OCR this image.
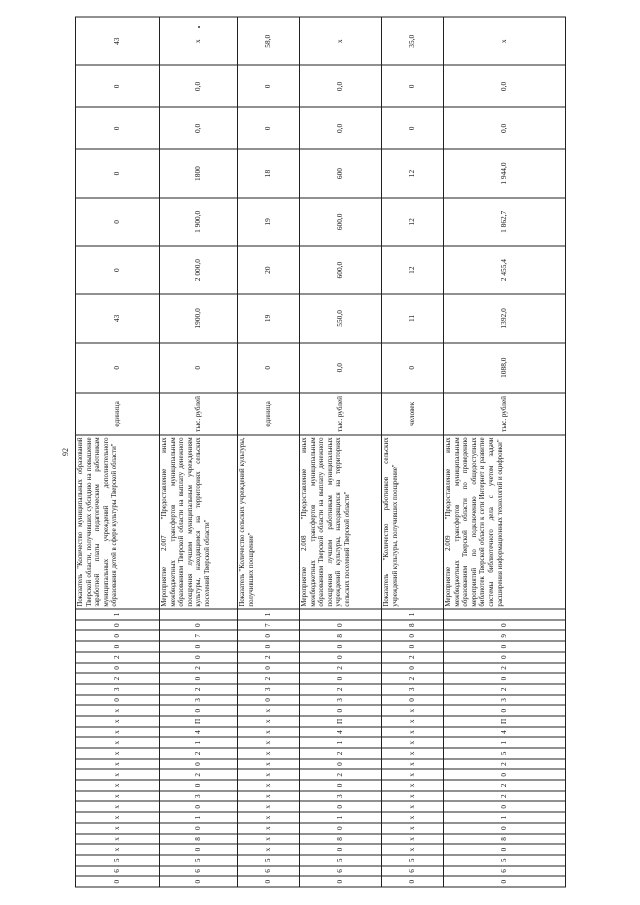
92
0	6	5	x	x	x	x	x	x	x	x	x	x	x	x	x	x	0	3	2	0	2	0	0	0	1	Показатель "Количество муниципальных образований Тверской области, получивших субсидию на повышение заработной платы педагогическим работникам муниципальных учреждений дополнительного образования детей в сфере культуры Тверской области"	единица	0	43	0	0	0	0	0	43
0	6	5	0	8	0	1	0	3	0	2	0	2	1	4	П	0	3	2	0	2	0	0	7	0		Мероприятие 2.007 "Предоставление иных межбюджетных трансфертов муниципальным образованиям Тверской области на выплату денежного поощрения лучшим муниципальным учреждениям культуры, находящимся на территориях сельских поселений Тверской области"	тыс. рублей	0	1900,0	2 000,0	1 900,0	1800	0,0	0,0	x
0	6	5	x	x	x	x	x	x	x	x	x	x	x	x	x	x	0	3	2	0	2	0	0	7	1	Показатель "Количество сельских учреждений культуры, получивших поощрение"	единица	0	19	20	19	18	0	0	58,0
0	6	5	0	8	0	1	0	3	0	2	0	2	1	4	П	0	3	2	0	2	0	0	8	0		Мероприятие 2.008 "Предоставление иных межбюджетных трансфертов муниципальным образованиям Тверской области на выплату денежного поощрения лучшим работникам муниципальных учреждений культуры, находящихся на территориях сельских поселений Тверской области"	тыс. рублей	0,0	550,0	600,0	600,0	600	0,0	0,0	x
0	6	5	x	x	x	x	x	x	x	x	x	x	x	x	x	x	0	3	2	0	2	0	0	8	1	Показатель "Количество работников сельских учреждений культуры, получивших поощрение"	человек	0	11	12	12	12	0	0	35,0
0	6	5	0	8	0	1	0	2	2	0	2	5	1	4	П	0	3	2	0	2	0	0	9	0		Мероприятие 2.009 "Предоставление иных межбюджетных трансфертов муниципальным образованиям Тверской области по проведению мероприятий по подключению общедоступных библиотек Тверской области к сети Интернет и развитие системы библиотечного дела с учетом задачи расширения информационных технологий и оцифровки"	тыс. рублей	1088,0	1392,0	2 455,4	1 862,7	1 944,0	0,0	0,0	x
